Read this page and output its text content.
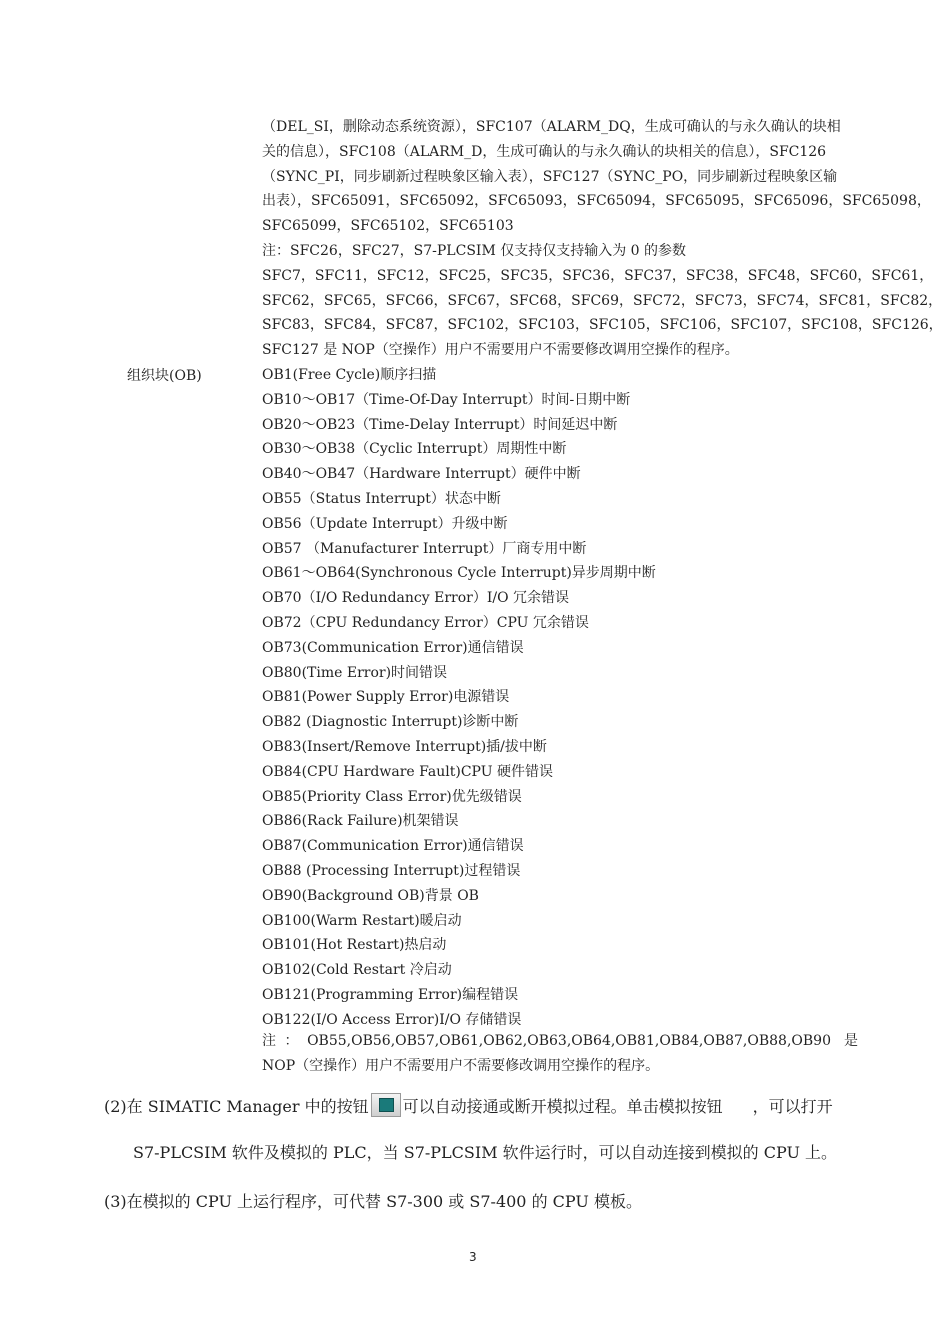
（DEL_SI，删除动态系统资源），SFC107（ALARM_DQ，生成可确认的与永久确认的块相

关的信息），SFC108（ALARM_D，生成可确认的与永久确认的块相关的信息），SFC126

（SYNC_PI，同步刷新过程映象区输入表），SFC127（SYNC_PO，同步刷新过程映象区输

出表），SFC65091，SFC65092，SFC65093，SFC65094，SFC65095，SFC65096，SFC65098，

SFC65099，SFC65102，SFC65103

注：SFC26，SFC27，S7-PLCSIM 仅支持仅支持输入为 0 的参数

SFC7，SFC11，SFC12，SFC25，SFC35，SFC36，SFC37，SFC38，SFC48，SFC60，SFC61，

SFC62，SFC65，SFC66，SFC67，SFC68，SFC69，SFC72，SFC73，SFC74，SFC81，SFC82，

SFC83，SFC84，SFC87，SFC102，SFC103，SFC105，SFC106，SFC107，SFC108，SFC126，

SFC127 是 NOP（空操作）用户不需要用户不需要修改调用空操作的程序。

组织块(OB)	OB1(Free Cycle)顺序扫描
OB10～OB17（Time-Of-Day Interrupt）时间-日期中断
OB20～OB23（Time-Delay Interrupt）时间延迟中断
OB30～OB38（Cyclic Interrupt）周期性中断
OB40～OB47（Hardware Interrupt）硬件中断
OB55（Status Interrupt）状态中断
OB56（Update Interrupt）升级中断
OB57 （Manufacturer Interrupt）厂商专用中断
OB61～OB64(Synchronous Cycle Interrupt)异步周期中断
OB70（I/O Redundancy Error）I/O 冗余错误
OB72（CPU Redundancy Error）CPU 冗余错误
OB73(Communication Error)通信错误
OB80(Time Error)时间错误
OB81(Power Supply Error)电源错误
OB82 (Diagnostic Interrupt)诊断中断
OB83(Insert/Remove Interrupt)插/拔中断
OB84(CPU Hardware Fault)CPU 硬件错误
OB85(Priority Class Error)优先级错误
OB86(Rack Failure)机架错误
OB87(Communication Error)通信错误
OB88 (Processing Interrupt)过程错误
OB90(Background OB)背景 OB
OB100(Warm Restart)暖启动
OB101(Hot Restart)热启动
OB102(Cold Restart 冷启动
OB121(Programming Error)编程错误
OB122(I/O Access Error)I/O 存储错误
注：OB55,OB56,OB57,OB61,OB62,OB63,OB64,OB81,OB84,OB87,OB88,OB90 是 NOP（空操作）用户不需要用户不需要修改调用空操作的程序。
(2)在 SIMATIC Manager 中的按钮 可以自动接通或断开模拟过程。单击模拟按钮 ，可以打开
S7-PLCSIM 软件及模拟的 PLC，当 S7-PLCSIM 软件运行时，可以自动连接到模拟的 CPU 上。
(3)在模拟的 CPU 上运行程序，可代替 S7-300 或 S7-400 的 CPU 模板。
3
